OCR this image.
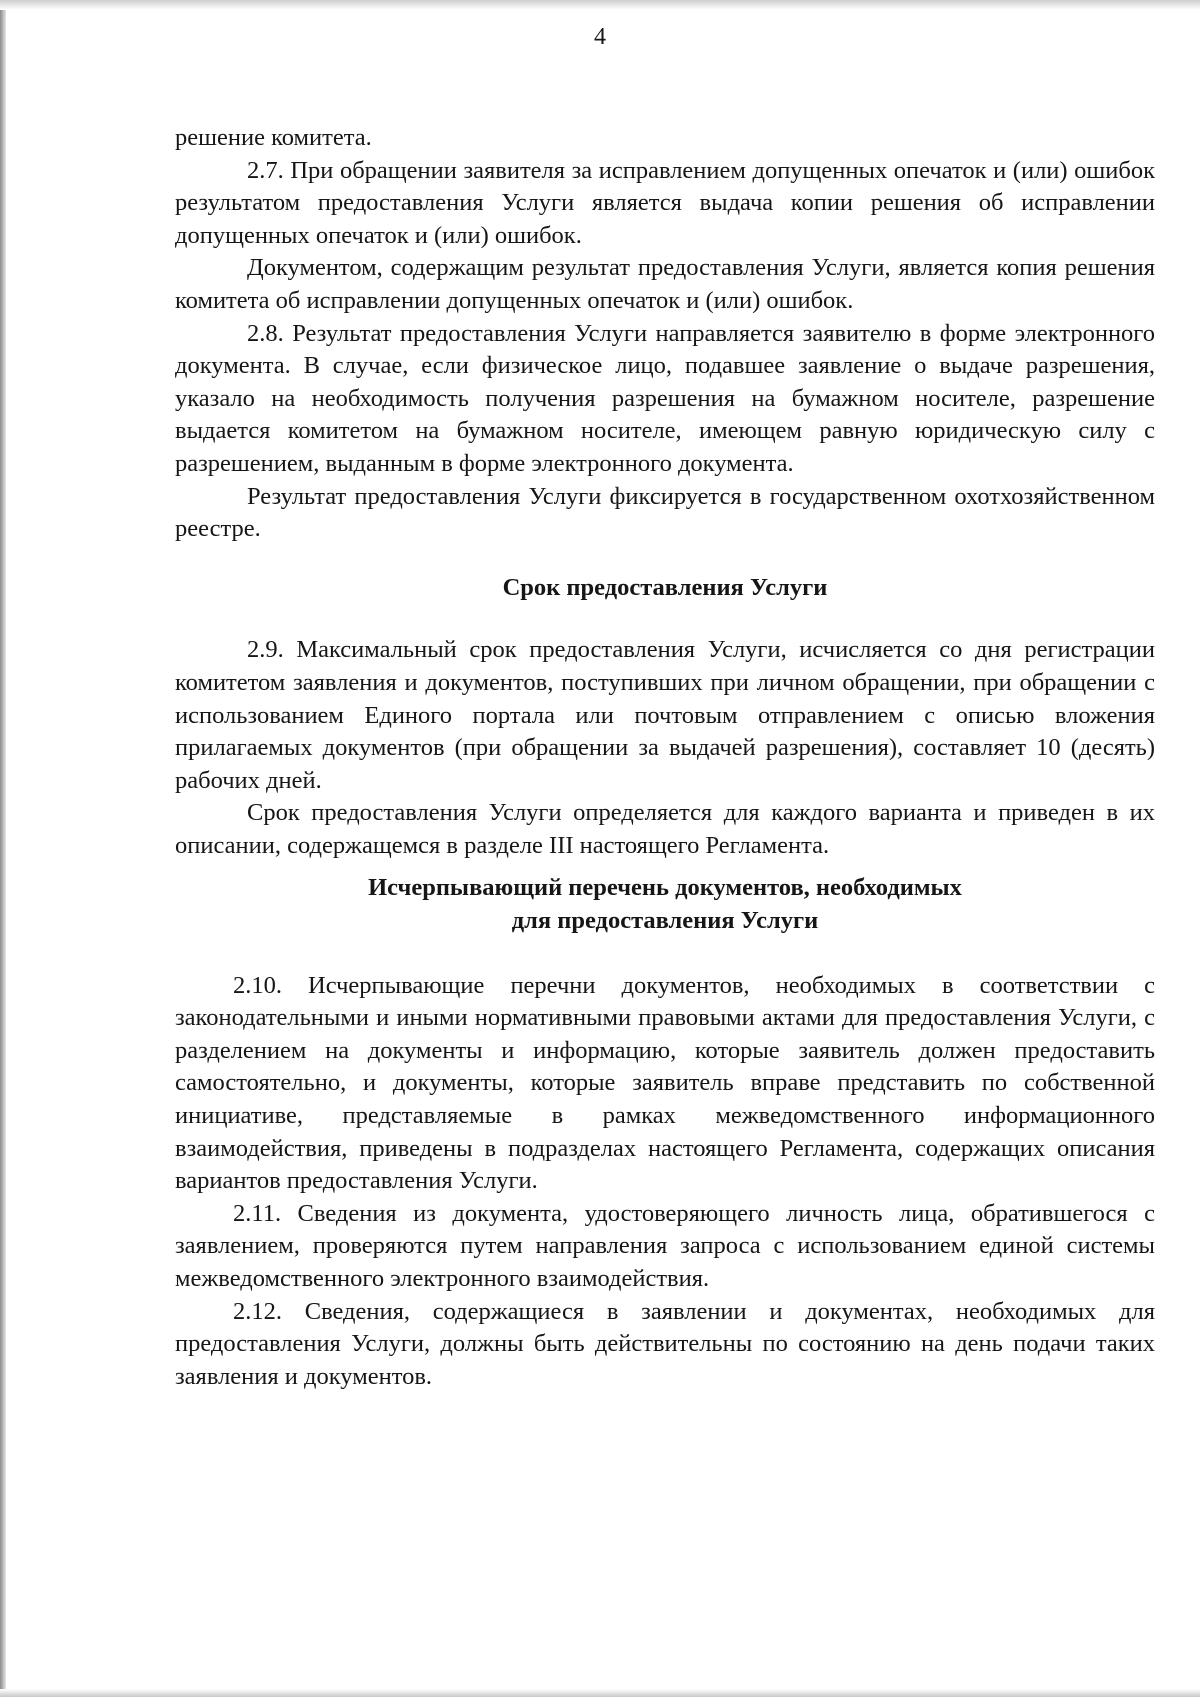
4

решение комитета.

2.7. При обращении заявителя за исправлением допущенных опечаток и (или) ошибок результатом предоставления Услуги является выдача копии решения об исправлении допущенных опечаток и (или) ошибок.

Документом, содержащим результат предоставления Услуги, является копия решения комитета об исправлении допущенных опечаток и (или) ошибок.

2.8. Результат предоставления Услуги направляется заявителю в форме электронного документа. В случае, если физическое лицо, подавшее заявление о выдаче разрешения, указало на необходимость получения разрешения на бумажном носителе, разрешение выдается комитетом на бумажном носителе, имеющем равную юридическую силу с разрешением, выданным в форме электронного документа.

Результат предоставления Услуги фиксируется в государственном охотхозяйственном реестре.

Срок предоставления Услуги

2.9. Максимальный срок предоставления Услуги, исчисляется со дня регистрации комитетом заявления и документов, поступивших при личном обращении, при обращении с использованием Единого портала или почтовым отправлением с описью вложения прилагаемых документов (при обращении за выдачей разрешения), составляет 10 (десять) рабочих дней.

Срок предоставления Услуги определяется для каждого варианта и приведен в их описании, содержащемся в разделе III настоящего Регламента.

Исчерпывающий перечень документов, необходимых
для предоставления Услуги

2.10. Исчерпывающие перечни документов, необходимых в соответствии с законодательными и иными нормативными правовыми актами для предоставления Услуги, с разделением на документы и информацию, которые заявитель должен предоставить самостоятельно, и документы, которые заявитель вправе представить по собственной инициативе, представляемые в рамках межведомственного информационного взаимодействия, приведены в подразделах настоящего Регламента, содержащих описания вариантов предоставления Услуги.

2.11. Сведения из документа, удостоверяющего личность лица, обратившегося с заявлением, проверяются путем направления запроса с использованием единой системы межведомственного электронного взаимодействия.

2.12. Сведения, содержащиеся в заявлении и документах, необходимых для предоставления Услуги, должны быть действительны по состоянию на день подачи таких заявления и документов.
